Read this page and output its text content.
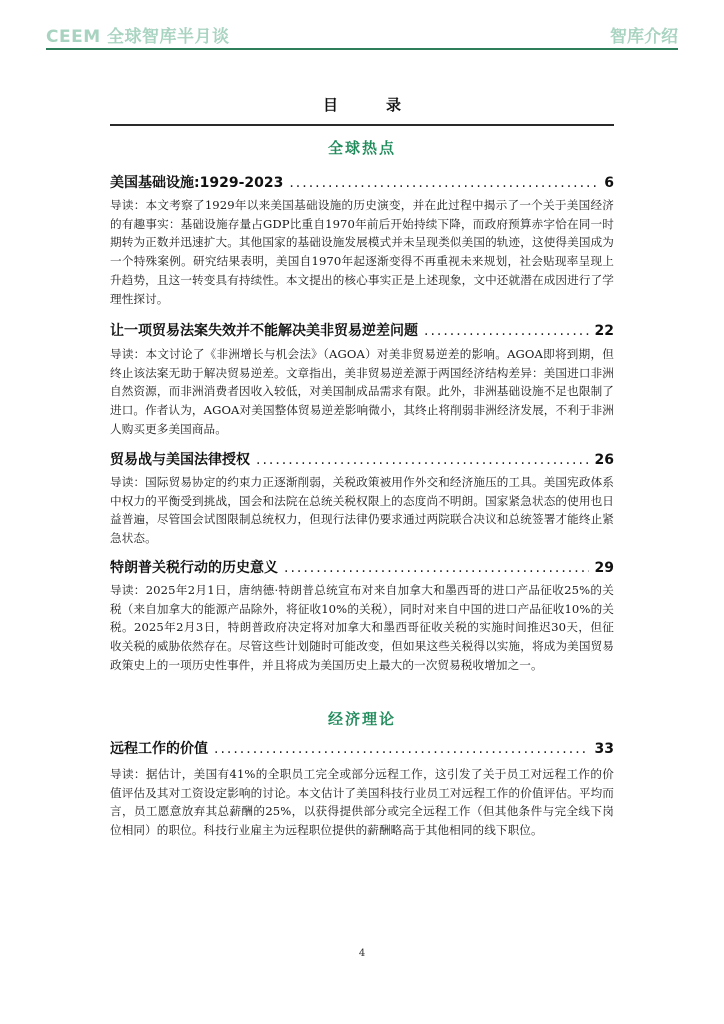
CEEM 全球智库半月谈	智库介绍
目	录
全球热点
美国基础设施:1929-2023 .....	6
导读：本文考察了1929年以来美国基础设施的历史演变，并在此过程中揭示了一个关于美国经济的有趣事实：基础设施存量占GDP比重自1970年前后开始持续下降，而政府预算赤字恰在同一时期转为正数并迅速扩大。其他国家的基础设施发展模式并未呈现类似美国的轨迹，这使得美国成为一个特殊案例。研究结果表明，美国自1970年起逐渐变得不再重视未来规划，社会贴现率呈现上升趋势，且这一转变具有持续性。本文提出的核心事实正是上述现象，文中还就潜在成因进行了学理性探讨。
让一项贸易法案失效并不能解决美非贸易逆差问题 .....	22
导读：本文讨论了《非洲增长与机会法》（AGOA）对美非贸易逆差的影响。AGOA即将到期，但终止该法案无助于解决贸易逆差。文章指出，美非贸易逆差源于两国经济结构差异：美国进口非洲自然资源，而非洲消费者因收入较低，对美国制成品需求有限。此外，非洲基础设施不足也限制了进口。作者认为，AGOA对美国整体贸易逆差影响微小，其终止将削弱非洲经济发展，不利于非洲人购买更多美国商品。
贸易战与美国法律授权 .....	26
导读：国际贸易协定的约束力正逐渐削弱，关税政策被用作外交和经济施压的工具。美国宪政体系中权力的平衡受到挑战，国会和法院在总统关税权限上的态度尚不明朗。国家紧急状态的使用也日益普遍，尽管国会试图限制总统权力，但现行法律仍要求通过两院联合决议和总统签署才能终止紧急状态。
特朗普关税行动的历史意义 .....	29
导读：2025年2月1日，唐纳德·特朗普总统宣布对来自加拿大和墨西哥的进口产品征收25%的关税（来自加拿大的能源产品除外，将征收10%的关税），同时对来自中国的进口产品征收10%的关税。2025年2月3日，特朗普政府决定将对加拿大和墨西哥征收关税的实施时间推迟30天，但征收关税的威胁依然存在。尽管这些计划随时可能改变，但如果这些关税得以实施，将成为美国贸易政策史上的一项历史性事件，并且将成为美国历史上最大的一次贸易税收增加之一。
经济理论
远程工作的价值 .....	33
导读：据估计，美国有41%的全职员工完全或部分远程工作，这引发了关于员工对远程工作的价值评估及其对工资设定影响的讨论。本文估计了美国科技行业员工对远程工作的价值评估。平均而言，员工愿意放弃其总薪酬的25%，以获得提供部分或完全远程工作（但其他条件与完全线下岗位相同）的职位。科技行业雇主为远程职位提供的薪酬略高于其他相同的线下职位。
4
